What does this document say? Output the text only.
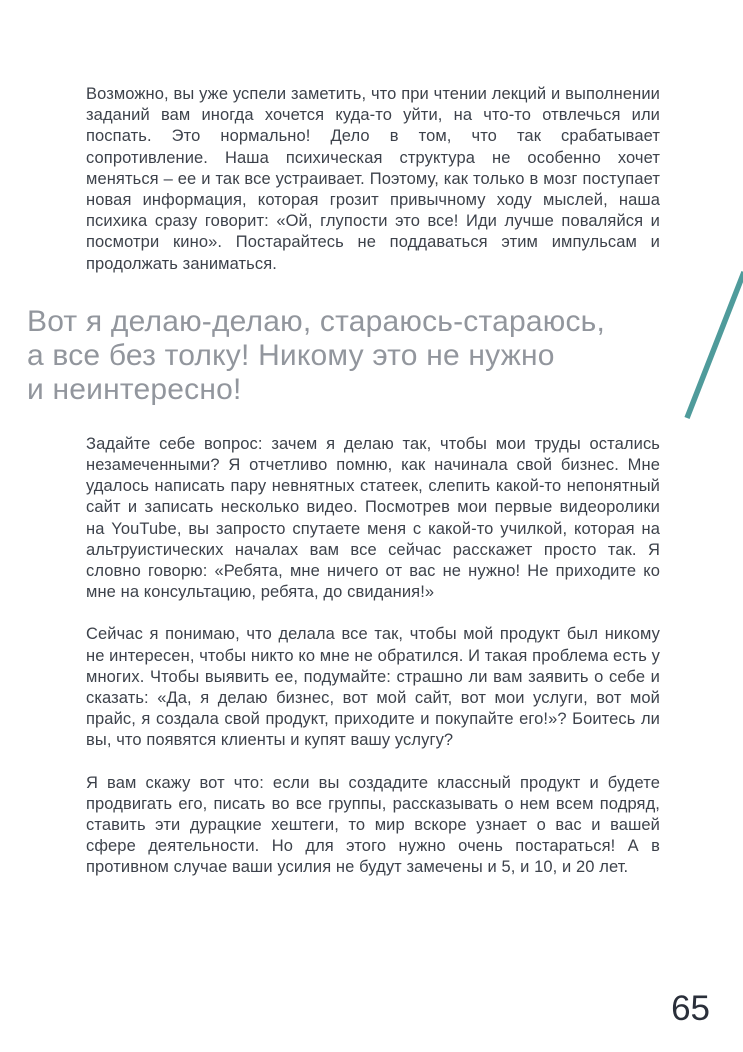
Возможно, вы уже успели заметить, что при чтении лекций и выполнении заданий вам иногда хочется куда-то уйти, на что-то отвлечься или поспать. Это нормально! Дело в том, что так срабатывает сопротивление. Наша психическая структура не особенно хочет меняться – ее и так все устраивает. Поэтому, как только в мозг поступает новая информация, которая грозит привычному ходу мыслей, наша психика сразу говорит: «Ой, глупости это все! Иди лучше поваляйся и посмотри кино». Постарайтесь не поддаваться этим импульсам и продолжать заниматься.

Вот я делаю-делаю, стараюсь-стараюсь,
а все без толку! Никому это не нужно
и неинтересно!

Задайте себе вопрос: зачем я делаю так, чтобы мои труды остались незамеченными? Я отчетливо помню, как начинала свой бизнес. Мне удалось написать пару невнятных статеек, слепить какой-то непонятный сайт и записать несколько видео. Посмотрев мои первые видеоролики на YouTube, вы запросто спутаете меня с какой-то училкой, которая на альтруистических началах вам все сейчас расскажет просто так. Я словно говорю: «Ребята, мне ничего от вас не нужно! Не приходите ко мне на консультацию, ребята, до свидания!»

Сейчас я понимаю, что делала все так, чтобы мой продукт был никому не интересен, чтобы никто ко мне не обратился. И такая проблема есть у многих. Чтобы выявить ее, подумайте: страшно ли вам заявить о себе и сказать: «Да, я делаю бизнес, вот мой сайт, вот мои услуги, вот мой прайс, я создала свой продукт, приходите и покупайте его!»? Боитесь ли вы, что появятся клиенты и купят вашу услугу?

Я вам скажу вот что: если вы создадите классный продукт и будете продвигать его, писать во все группы, рассказывать о нем всем подряд, ставить эти дурацкие хештеги, то мир вскоре узнает о вас и вашей сфере деятельности. Но для этого нужно очень постараться! А в противном случае ваши усилия не будут замечены и 5, и 10, и 20 лет.

65
